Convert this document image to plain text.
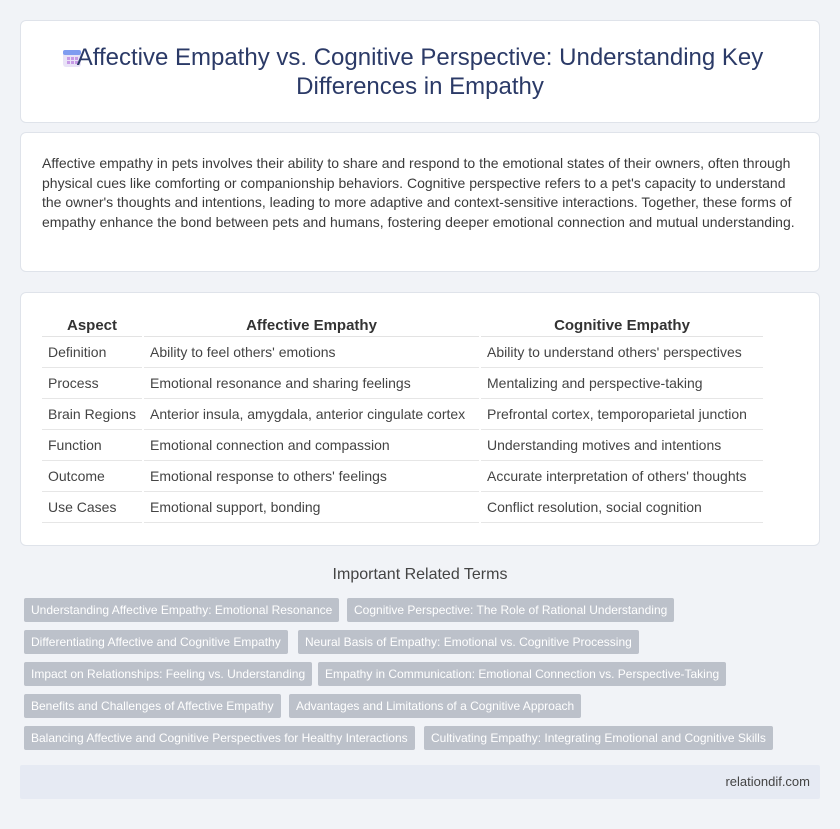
Affective Empathy vs. Cognitive Perspective: Understanding Key Differences in Empathy

Affective empathy in pets involves their ability to share and respond to the emotional states of their owners, often through physical cues like comforting or companionship behaviors. Cognitive perspective refers to a pet's capacity to understand the owner's thoughts and intentions, leading to more adaptive and context-sensitive interactions. Together, these forms of empathy enhance the bond between pets and humans, fostering deeper emotional connection and mutual understanding.

Aspect		Affective Empathy		Cognitive Empathy
Definition		Ability to feel others' emotions		Ability to understand others' perspectives
Process		Emotional resonance and sharing feelings		Mentalizing and perspective-taking
Brain Regions		Anterior insula, amygdala, anterior cingulate cortex		Prefrontal cortex, temporoparietal junction
Function		Emotional connection and compassion		Understanding motives and intentions
Outcome		Emotional response to others' feelings		Accurate interpretation of others' thoughts
Use Cases		Emotional support, bonding		Conflict resolution, social cognition
Important Related Terms
Understanding Affective Empathy: Emotional Resonance	Cognitive Perspective: The Role of Rational Understanding
Differentiating Affective and Cognitive Empathy	Neural Basis of Empathy: Emotional vs. Cognitive Processing
Impact on Relationships: Feeling vs. Understanding	Empathy in Communication: Emotional Connection vs. Perspective-Taking
Benefits and Challenges of Affective Empathy	Advantages and Limitations of a Cognitive Approach
Balancing Affective and Cognitive Perspectives for Healthy Interactions	Cultivating Empathy: Integrating Emotional and Cognitive Skills
relationdif.com
